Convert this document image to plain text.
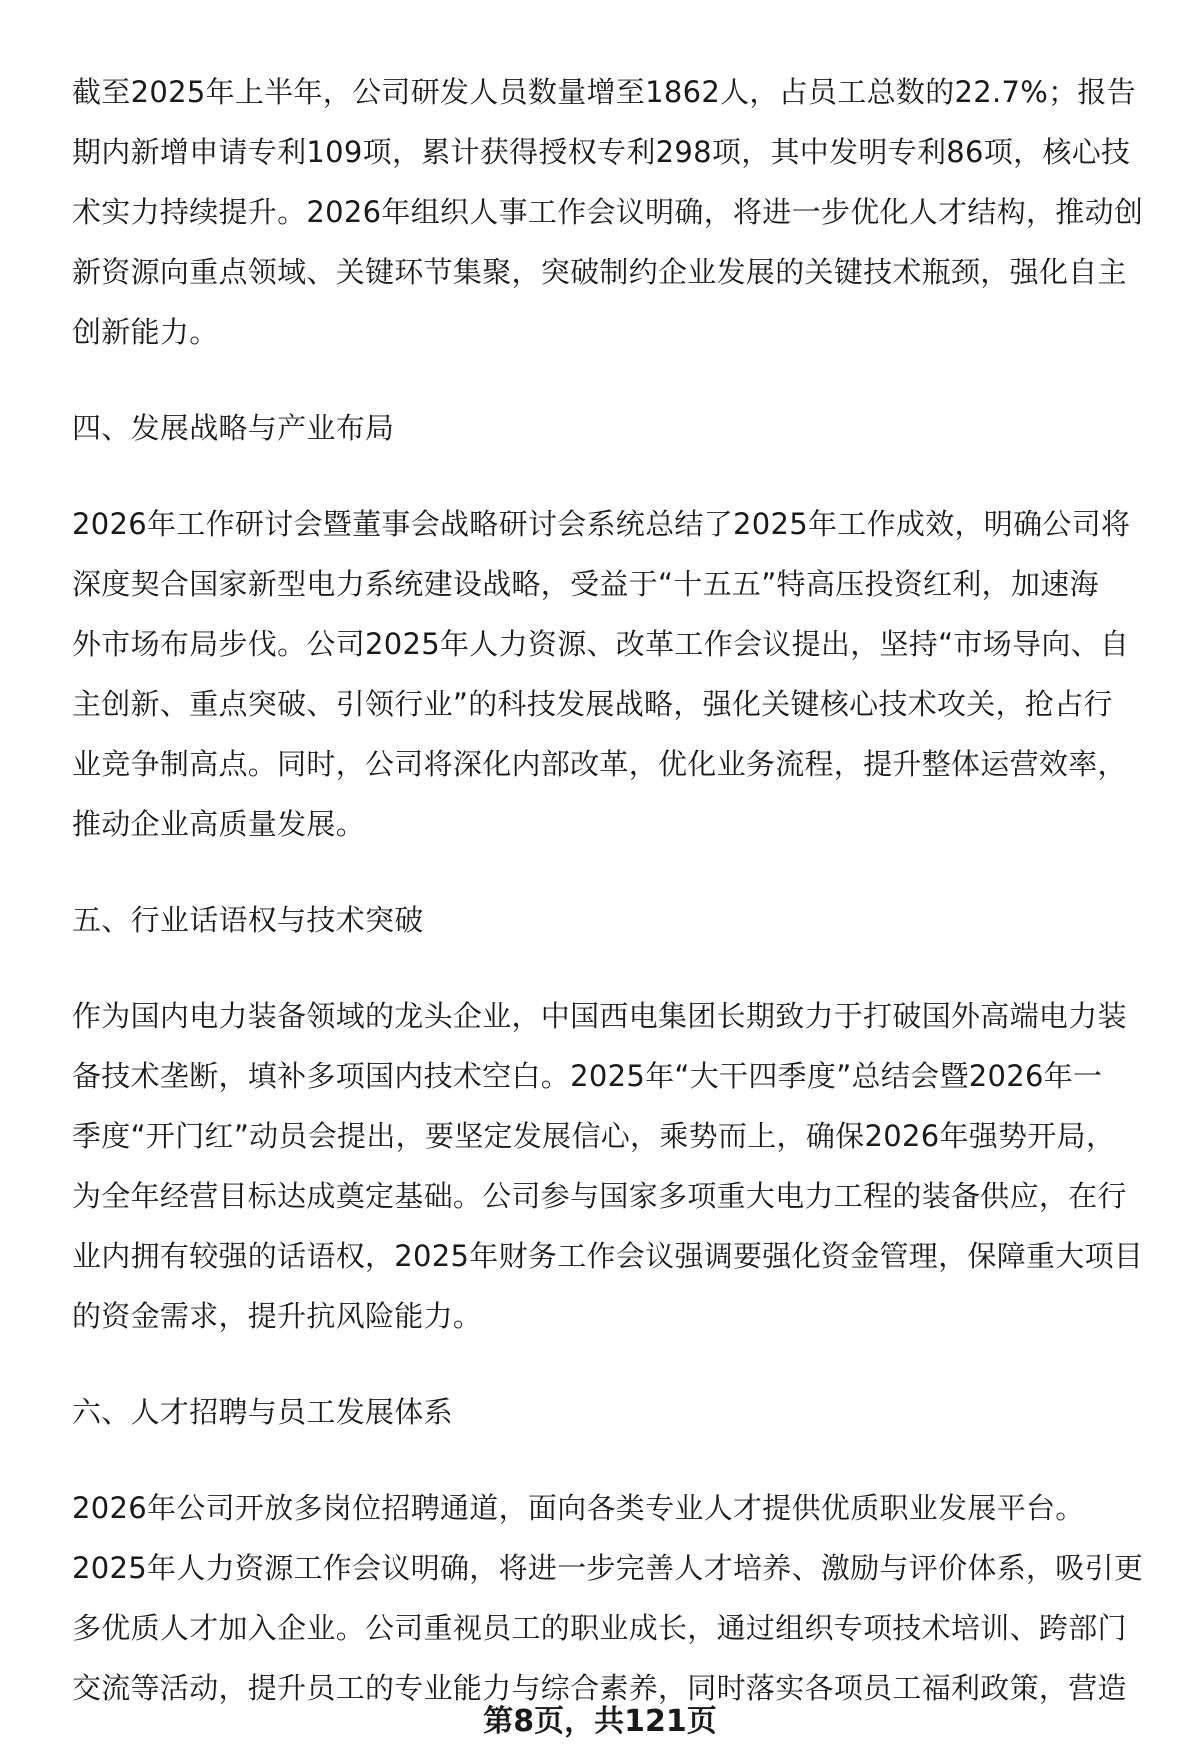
截至2025年上半年，公司研发人员数量增至1862人，占员工总数的22.7%；报告
期内新增申请专利109项，累计获得授权专利298项，其中发明专利86项，核心技
术实力持续提升。2026年组织人事工作会议明确，将进一步优化人才结构，推动创
新资源向重点领域、关键环节集聚，突破制约企业发展的关键技术瓶颈，强化自主
创新能力。
四、发展战略与产业布局
2026年工作研讨会暨董事会战略研讨会系统总结了2025年工作成效，明确公司将
深度契合国家新型电力系统建设战略，受益于“十五五”特高压投资红利，加速海
外市场布局步伐。公司2025年人力资源、改革工作会议提出，坚持“市场导向、自
主创新、重点突破、引领行业”的科技发展战略，强化关键核心技术攻关，抢占行
业竞争制高点。同时，公司将深化内部改革，优化业务流程，提升整体运营效率，
推动企业高质量发展。
五、行业话语权与技术突破
作为国内电力装备领域的龙头企业，中国西电集团长期致力于打破国外高端电力装
备技术垄断，填补多项国内技术空白。2025年“大干四季度”总结会暨2026年一
季度“开门红”动员会提出，要坚定发展信心，乘势而上，确保2026年强势开局，
为全年经营目标达成奠定基础。公司参与国家多项重大电力工程的装备供应，在行
业内拥有较强的话语权，2025年财务工作会议强调要强化资金管理，保障重大项目
的资金需求，提升抗风险能力。
六、人才招聘与员工发展体系
2026年公司开放多岗位招聘通道，面向各类专业人才提供优质职业发展平台。
2025年人力资源工作会议明确，将进一步完善人才培养、激励与评价体系，吸引更
多优质人才加入企业。公司重视员工的职业成长，通过组织专项技术培训、跨部门
交流等活动，提升员工的专业能力与综合素养，同时落实各项员工福利政策，营造
第8页，共121页
